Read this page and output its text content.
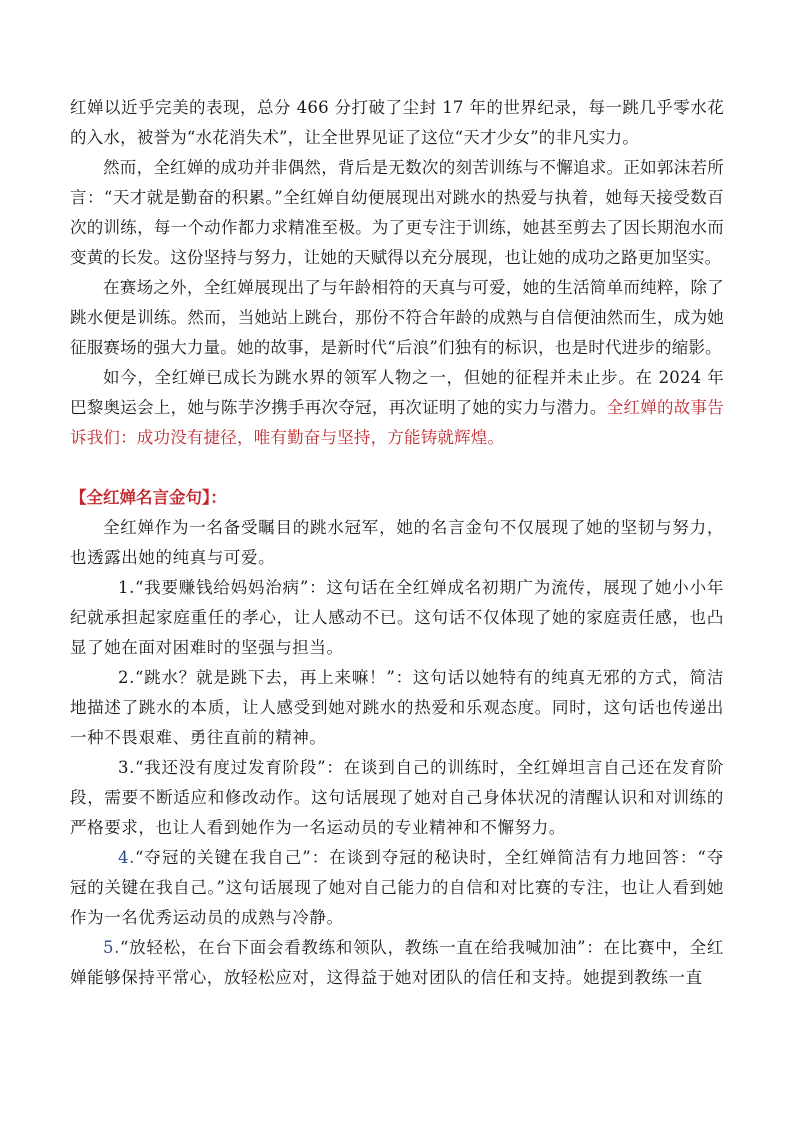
红婵以近乎完美的表现，总分 466 分打破了尘封 17 年的世界纪录，每一跳几乎零水花的入水，被誉为“水花消失术”，让全世界见证了这位“天才少女”的非凡实力。

然而，全红婵的成功并非偶然，背后是无数次的刻苦训练与不懈追求。正如郭沫若所言：“天才就是勤奋的积累。”全红婵自幼便展现出对跳水的热爱与执着，她每天接受数百次的训练，每一个动作都力求精准至极。为了更专注于训练，她甚至剪去了因长期泡水而变黄的长发。这份坚持与努力，让她的天赋得以充分展现，也让她的成功之路更加坚实。

在赛场之外，全红婵展现出了与年龄相符的天真与可爱，她的生活简单而纯粹，除了跳水便是训练。然而，当她站上跳台，那份不符合年龄的成熟与自信便油然而生，成为她征服赛场的强大力量。她的故事，是新时代“后浪”们独有的标识，也是时代进步的缩影。

如今，全红婵已成长为跳水界的领军人物之一，但她的征程并未止步。在 2024 年巴黎奥运会上，她与陈芋汐携手再次夺冠，再次证明了她的实力与潜力。全红婵的故事告诉我们：成功没有捷径，唯有勤奋与坚持，方能铸就辉煌。

【全红婵名言金句】：

全红婵作为一名备受瞩目的跳水冠军，她的名言金句不仅展现了她的坚韧与努力，也透露出她的纯真与可爱。

1.“我要赚钱给妈妈治病”：这句话在全红婵成名初期广为流传，展现了她小小年纪就承担起家庭重任的孝心，让人感动不已。这句话不仅体现了她的家庭责任感，也凸显了她在面对困难时的坚强与担当。

2.“跳水？就是跳下去，再上来嘛！”：这句话以她特有的纯真无邪的方式，简洁地描述了跳水的本质，让人感受到她对跳水的热爱和乐观态度。同时，这句话也传递出一种不畏艰难、勇往直前的精神。

3.“我还没有度过发育阶段”：在谈到自己的训练时，全红婵坦言自己还在发育阶段，需要不断适应和修改动作。这句话展现了她对自己身体状况的清醒认识和对训练的严格要求，也让人看到她作为一名运动员的专业精神和不懈努力。

4.“夺冠的关键在我自己”：在谈到夺冠的秘诀时，全红婵简洁有力地回答：“夺冠的关键在我自己。”这句话展现了她对自己能力的自信和对比赛的专注，也让人看到她作为一名优秀运动员的成熟与冷静。

5.“放轻松，在台下面会看教练和领队，教练一直在给我喊加油”：在比赛中，全红婵能够保持平常心，放轻松应对，这得益于她对团队的信任和支持。她提到教练一直
